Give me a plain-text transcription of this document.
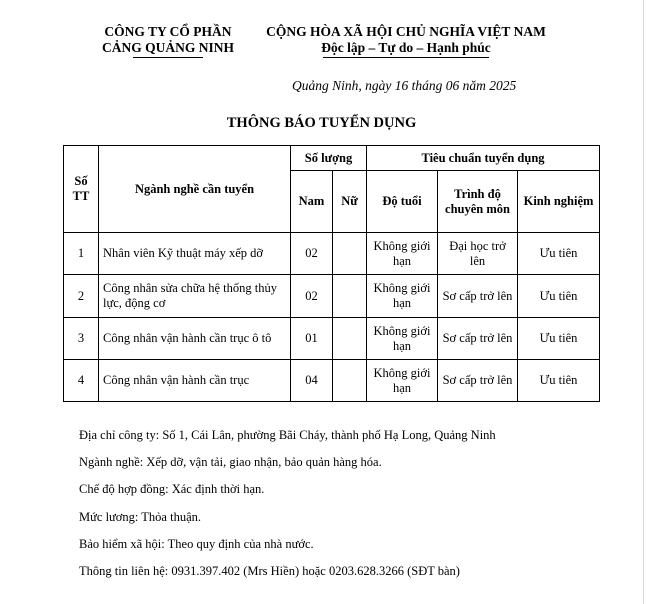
CÔNG TY CỔ PHẦN
CẢNG QUẢNG NINH
CỘNG HÒA XÃ HỘI CHỦ NGHĨA VIỆT NAM
Độc lập – Tự do – Hạnh phúc
Quảng Ninh, ngày 16 tháng 06 năm 2025
THÔNG BÁO TUYỂN DỤNG
Số TT	Ngành nghề cần tuyển	Số lượng		Tiêu chuẩn tuyển dụng		
		Nam	Nữ	Độ tuổi	Trình độ chuyên môn	Kinh nghiệm
1	Nhân viên Kỹ thuật máy xếp dỡ	02		Không giới hạn	Đại học trở lên	Ưu tiên
2	Công nhân sửa chữa hệ thống thủy lực, động cơ	02		Không giới hạn	Sơ cấp trở lên	Ưu tiên
3	Công nhân vận hành cần trục ô tô	01		Không giới hạn	Sơ cấp trở lên	Ưu tiên
4	Công nhân vận hành cần trục	04		Không giới hạn	Sơ cấp trở lên	Ưu tiên
Địa chỉ công ty: Số 1, Cái Lân, phường Bãi Cháy, thành phố Hạ Long, Quảng Ninh
Ngành nghề: Xếp dỡ, vận tải, giao nhận, bảo quản hàng hóa.
Chế độ hợp đồng: Xác định thời hạn.
Mức lương: Thỏa thuận.
Bảo hiểm xã hội: Theo quy định của nhà nước.
Thông tin liên hệ: 0931.397.402 (Mrs Hiền) hoặc 0203.628.3266 (SĐT bàn)
